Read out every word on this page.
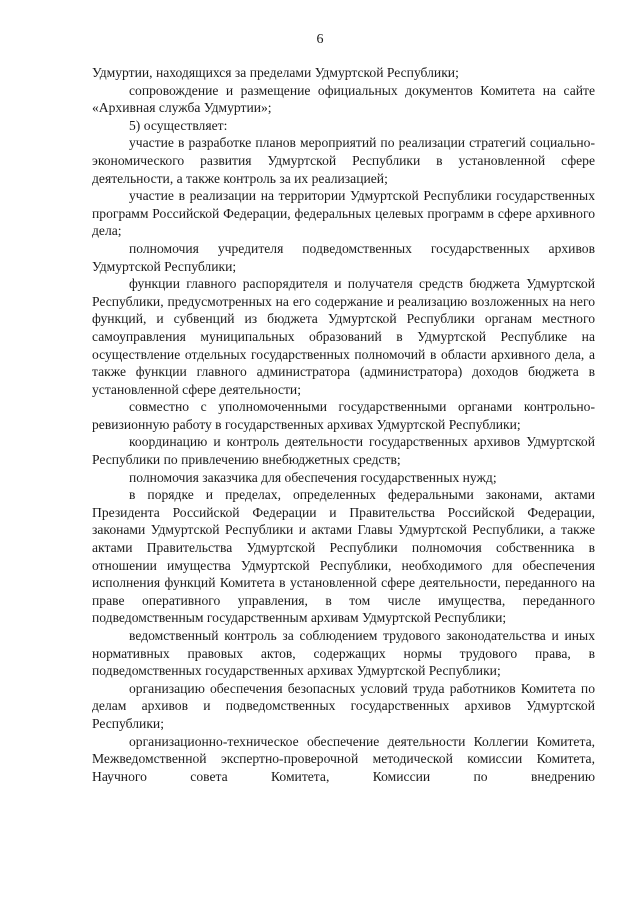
6

Удмуртии, находящихся за пределами Удмуртской Республики;

сопровождение и размещение официальных документов Комитета на сайте «Архивная служба Удмуртии»;

5) осуществляет:

участие в разработке планов мероприятий по реализации стратегий социально-экономического развития Удмуртской Республики в установленной сфере деятельности, а также контроль за их реализацией;

участие в реализации на территории Удмуртской Республики государственных программ Российской Федерации, федеральных целевых программ в сфере архивного дела;

полномочия учредителя подведомственных государственных архивов Удмуртской Республики;

функции главного распорядителя и получателя средств бюджета Удмуртской Республики, предусмотренных на его содержание и реализацию возложенных на него функций, и субвенций из бюджета Удмуртской Республики органам местного самоуправления муниципальных образований в Удмуртской Республике на осуществление отдельных государственных полномочий в области архивного дела, а также функции главного администратора (администратора) доходов бюджета в установленной сфере деятельности;

совместно с уполномоченными государственными органами контрольно-ревизионную работу в государственных архивах Удмуртской Республики;

координацию и контроль деятельности государственных архивов Удмуртской Республики по привлечению внебюджетных средств;

полномочия заказчика для обеспечения государственных нужд;

в порядке и пределах, определенных федеральными законами, актами Президента Российской Федерации и Правительства Российской Федерации, законами Удмуртской Республики и актами Главы Удмуртской Республики, а также актами Правительства Удмуртской Республики полномочия собственника в отношении имущества Удмуртской Республики, необходимого для обеспечения исполнения функций Комитета в установленной сфере деятельности, переданного на праве оперативного управления, в том числе имущества, переданного подведомственным государственным архивам Удмуртской Республики;

ведомственный контроль за соблюдением трудового законодательства и иных нормативных правовых актов, содержащих нормы трудового права, в подведомственных государственных архивах Удмуртской Республики;

организацию обеспечения безопасных условий труда работников Комитета по делам архивов и подведомственных государственных архивов Удмуртской Республики;

организационно-техническое обеспечение деятельности Коллегии Комитета, Межведомственной экспертно-проверочной методической комиссии Комитета, Научного совета Комитета, Комиссии по внедрению
